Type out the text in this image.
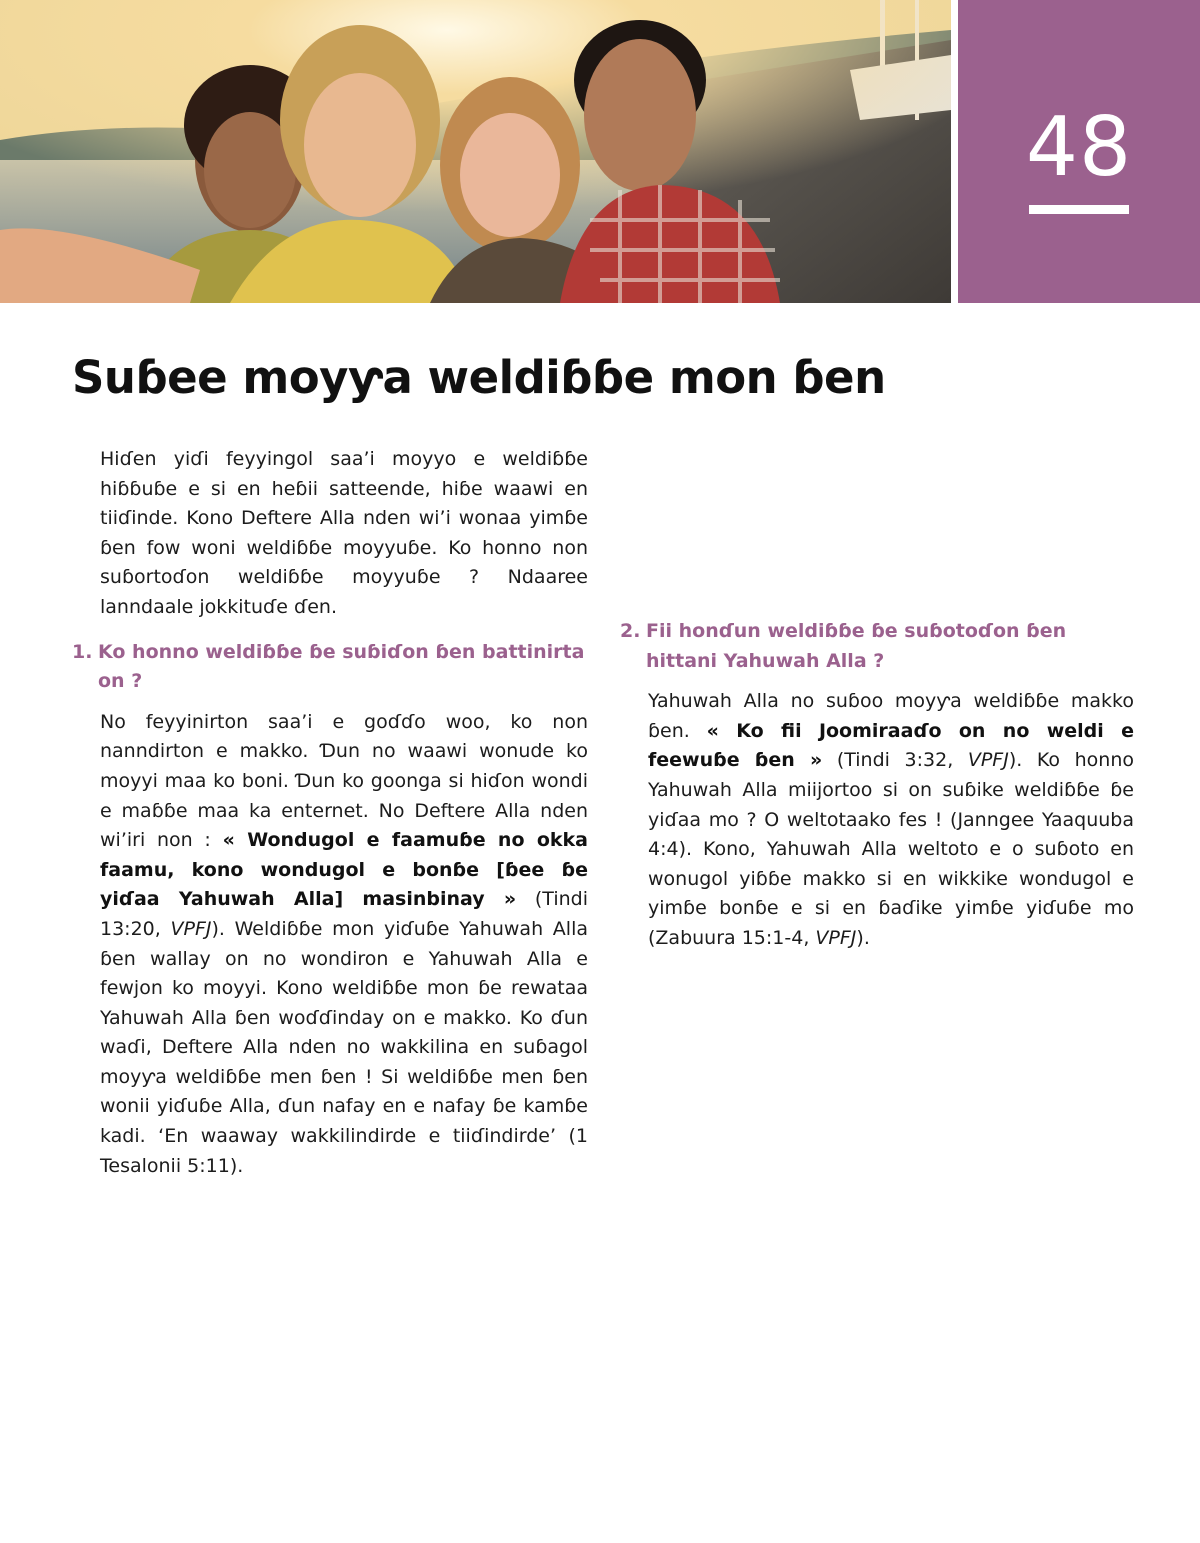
48
Suɓee moyƴa weldiɓɓe mon ɓen

Hiɗen yiɗi feyyingol saa’i moyyo e weldiɓɓe hiɓɓuɓe e si en heɓii satteende, hiɓe waawi en tiiɗinde. Kono Deftere Alla nden wi’i wonaa yimɓe ɓen fow woni weldiɓɓe moyyuɓe. Ko honno non suɓortoɗon weldiɓɓe moyyuɓe ? Ndaaree lanndaale jokkituɗe ɗen.

1. Ko honno weldiɓɓe ɓe suɓiɗon ɓen battinirta on ?

No feyyinirton saa’i e goɗɗo woo, ko non nanndirton e makko. Ɗun no waawi wonude ko moyyi maa ko boni. Ɗun ko goonga si hiɗon wondi e maɓɓe maa ka enternet. No Deftere Alla nden wi’iri non : « Wondugol e faamuɓe no okka faamu, kono wondugol e bonɓe [ɓee ɓe yiɗaa Yahuwah Alla] masinbinay » (Tindi 13:20, VPFJ). Weldiɓɓe mon yiɗuɓe Yahuwah Alla ɓen wallay on no wondiron e Yahuwah Alla e fewjon ko moyyi. Kono weldiɓɓe mon ɓe rewataa Yahuwah Alla ɓen woɗɗinday on e makko. Ko ɗun waɗi, Deftere Alla nden no wakkilina en suɓagol moyƴa weldiɓɓe men ɓen ! Si weldiɓɓe men ɓen wonii yiɗuɓe Alla, ɗun nafay en e nafay ɓe kamɓe kadi. ‘En waaway wakkilindirde e tiiɗindirde’ (1 Tesalonii 5:11).

2. Fii honɗun weldiɓɓe ɓe suɓotoɗon ɓen hittani Yahuwah Alla ?

Yahuwah Alla no suɓoo moyƴa weldiɓɓe makko ɓen. « Ko fii Joomiraaɗo on no weldi e feewuɓe ɓen » (Tindi 3:32, VPFJ). Ko honno Yahuwah Alla miijortoo si on suɓike weldiɓɓe ɓe yiɗaa mo ? O weltotaako fes ! (Janngee Yaaquuba 4:4). Kono, Yahuwah Alla weltoto e o suɓoto en wonugol yiɓɓe makko si en wikkike wondugol e yimɓe bonɓe e si en ɓaɗike yimɓe yiɗuɓe mo (Zabuura 15:1-4, VPFJ).
